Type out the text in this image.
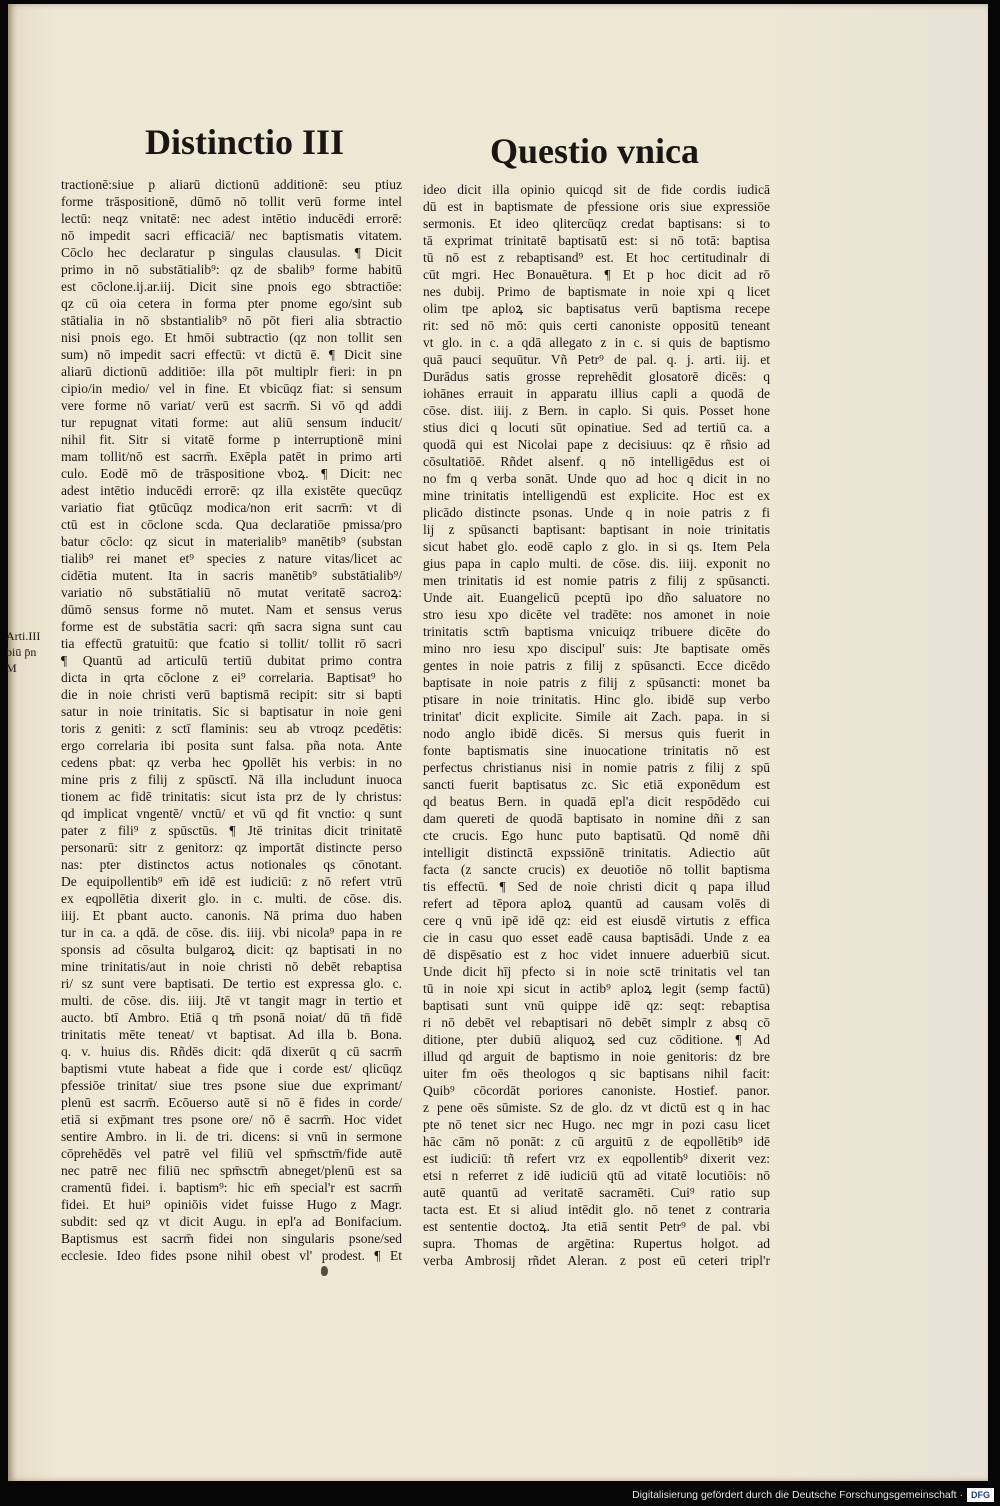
Distinctio III	Questio vnica
Arti.III
biū p̄n
M
tractionē:siue p aliarū dictionū additionē: seu ptiuz
forme trāspositionē, dūmō nō tollit verū forme intel
lectū: neqz vnitatē: nec adest intētio inducēdi errorē:
nō impedit sacri efficaciā/ nec baptismatis vitatem.
Cōclo hec declaratur p singulas clausulas. ¶ Dicit
primo in nō substātialib⁹: qz de sbalib⁹ forme habitū
est cōclone.ij.ar.iij. Dicit sine pnois ego sbtractiōe:
qz cū oia cetera in forma pter pnome ego/sint sub
stātialia in nō sbstantialib⁹ nō pōt fieri alia sbtractio
nisi pnois ego. Et hmōi subtractio (qz non tollit sen
sum) nō impedit sacri effectū: vt dictū ē. ¶ Dicit sine
aliarū dictionū additiōe: illa pōt multiplr fieri: in pn
cipio/in medio/ vel in fine. Et vbicūqz fiat: si sensum
vere forme nō variat/ verū est sacrm̄. Si vō qd addi
tur repugnat vitati forme: aut aliū sensum inducit/
nihil fit. Sitr si vitatē forme p interruptionē mini
mam tollit/nō est sacrm̄. Exēpla patēt in primo arti
culo. Eodē mō de trāspositione vboꝝ. ¶ Dicit: nec
adest intētio inducēdi errorē: qz illa existēte quecūqz
variatio fiat ꝯtūcūqz modica/non erit sacrm̄: vt di
ctū est in cōclone scda. Qua declaratiōe pmissa/pro
batur cōclo: qz sicut in materialib⁹ manētib⁹ (substan
tialib⁹ rei manet et⁹ species z nature vitas/licet ac
cidētia mutent. Ita in sacris manētib⁹ substātialib⁹/
variatio nō substātialiū nō mutat veritatē sacroꝝ:
dūmō sensus forme nō mutet. Nam et sensus verus
forme est de substātia sacri: qm̄ sacra signa sunt cau
tia effectū gratuitū: que fcatio si tollit/ tollit rō sacri
¶ Quantū ad articulū tertiū dubitat primo contra
dicta in qrta cōclone z ei⁹ correlaria. Baptisat⁹ ho
die in noie christi verū baptismā recipit: sitr si bapti
satur in noie trinitatis. Sic si baptisatur in noie geni
toris z geniti: z sctī flaminis: seu ab vtroqz pcedētis:
ergo correlaria ibi posita sunt falsa. pña nota. Ante
cedens pbat: qz verba hec ꝯpollēt his verbis: in no
mine pris z filij z spūsctī. Nā illa includunt inuoca
tionem ac fidē trinitatis: sicut ista prz de ly christus:
qd implicat vngentē/ vnctū/ et vū qd fit vnctio: q sunt
pater z fili⁹ z spūsctūs. ¶ Jtē trinitas dicit trinitatē
personarū: sitr z genitorz: qz importāt distincte perso
nas: pter distinctos actus notionales qs cōnotant.
De equipollentib⁹ em̄ idē est iudiciū: z nō refert vtrū
ex eqpollētia dixerit glo. in c. multi. de cōse. dis.
iiij. Et pbant aucto. canonis. Nā prima duo haben
tur in ca. a qdā. de cōse. dis. iiij. vbi nicola⁹ papa in re
sponsis ad cōsulta bulgaroꝝ dicit: qz baptisati in no
mine trinitatis/aut in noie christi nō debēt rebaptisa
ri/ sz sunt vere baptisati. De tertio est expressa glo. c.
multi. de cōse. dis. iiij. Jtē vt tangit magr in tertio et
aucto. btī Ambro. Etiā q tm̄ psonā noiat/ dū tn̄ fidē
trinitatis mēte teneat/ vt baptisat. Ad illa b. Bona.
q. v. huius dis. Rñdēs dicit: qdā dixerūt q cū sacrm̄
baptismi vtute habeat a fide que i corde est/ qlicūqz
pfessiōe trinitat/ siue tres psone siue due exprimant/
plenū est sacrm̄. Ecōuerso autē si nō ē fides in corde/
etiā si exp̄mant tres psone ore/ nō ē sacrm̄. Hoc videt
sentire Ambro. in li. de tri. dicens: si vnū in sermone
cōprehēdēs vel patrē vel filiū vel spm̄sctm̄/fide autē
nec patrē nec filiū nec spm̄sctm̄ abneget/plenū est sa
cramentū fidei. i. baptism⁹: hic em̄ special'r est sacrm̄
fidei. Et hui⁹ opiniōis videt fuisse Hugo z Magr.
subdit: sed qz vt dicit Augu. in epl'a ad Bonifacium.
Baptismus est sacrm̄ fidei non singularis psone/sed
ecclesie. Ideo fides psone nihil obest vl' prodest. ¶ Et
ideo dicit illa opinio quicqd sit de fide cordis iudicā
dū est in baptismate de pfessione oris siue expressiōe
sermonis. Et ideo qlitercūqz credat baptisans: si to
tā exprimat trinitatē baptisatū est: si nō totā: baptisa
tū nō est z rebaptisand⁹ est. Et hoc certitudinalr di
cūt mgri. Hec Bonauētura. ¶ Et p hoc dicit ad rō
nes dubij. Primo de baptismate in noie xpi q licet
olim tpe aploꝝ sic baptisatus verū baptisma recepe
rit: sed nō mō: quis certi canoniste oppositū teneant
vt glo. in c. a qdā allegato z in c. si quis de baptismo
quā pauci sequūtur. Vñ Petr⁹ de pal. q. j. arti. iij. et
Durādus satis grosse reprehēdit glosatorē dicēs: q
iohānes errauit in apparatu illius capli a quodā de
cōse. dist. iiij. z Bern. in caplo. Si quis. Posset hone
stius dici q locuti sūt opinatiue. Sed ad tertiū ca. a
quodā qui est Nicolai pape z decisiuus: qz ē rñsio ad
cōsultatiōē. Rñdet alsenf. q nō intelligēdus est oi
no fm q verba sonāt. Unde quo ad hoc q dicit in no
mine trinitatis intelligendū est explicite. Hoc est ex
plicādo distincte psonas. Unde q in noie patris z fi
lij z spūsancti baptisant: baptisant in noie trinitatis
sicut habet glo. eodē caplo z glo. in si qs. Item Pela
gius papa in caplo multi. de cōse. dis. iiij. exponit no
men trinitatis id est nomie patris z filij z spūsancti.
Unde ait. Euangelicū pceptū ipo dño saluatore no
stro iesu xpo dicēte vel tradēte: nos amonet in noie
trinitatis sctm̄ baptisma vnicuiqz tribuere dicēte do
mino nro iesu xpo discipul' suis: Jte baptisate omēs
gentes in noie patris z filij z spūsancti. Ecce dicēdo
baptisate in noie patris z filij z spūsancti: monet ba
ptisare in noie trinitatis. Hinc glo. ibidē sup verbo
trinitat' dicit explicite. Simile ait Zach. papa. in si
nodo anglo ibidē dicēs. Si mersus quis fuerit in
fonte baptismatis sine inuocatione trinitatis nō est
perfectus christianus nisi in nomie patris z filij z spū
sancti fuerit baptisatus zc. Sic etiā exponēdum est
qd beatus Bern. in quadā epl'a dicit respōdēdo cui
dam quereti de quodā baptisato in nomine dñi z san
cte crucis. Ego hunc puto baptisatū. Qd nomē dñi
intelligit distinctā expssiōnē trinitatis. Adiectio aūt
facta (z sancte crucis) ex deuotiōe nō tollit baptisma
tis effectū. ¶ Sed de noie christi dicit q papa illud
refert ad tēpora aploꝝ quantū ad causam volēs di
cere q vnū ipē idē qz: eid est eiusdē virtutis z effica
cie in casu quo esset eadē causa baptisādi. Unde z ea
dē dispēsatio est z hoc videt innuere aduerbiū sicut.
Unde dicit hīj pfecto si in noie sctē trinitatis vel tan
tū in noie xpi sicut in actib⁹ aploꝝ legit (semp factū)
baptisati sunt vnū quippe idē qz: seqt: rebaptisa
ri nō debēt vel rebaptisari nō debēt simplr z absq cō
ditione, pter dubiū aliquoꝝ sed cuz cōditione. ¶ Ad
illud qd arguit de baptismo in noie genitoris: dz bre
uiter fm oēs theologos q sic baptisans nihil facit:
Quib⁹ cōcordāt poriores canoniste. Hostief. panor.
z pene oēs sūmiste. Sz de glo. dz vt dictū est q in hac
pte nō tenet sicr nec Hugo. nec mgr in pozi casu licet
hāc cām nō ponāt: z cū arguitū z de eqpollētib⁹ idē
est iudiciū: tñ refert vrz ex eqpollentib⁹ dixerit vez:
etsi n referret z idē iudiciū qtū ad vitatē locutiōis: nō
autē quantū ad veritatē sacramēti. Cui⁹ ratio sup
tacta est. Et si aliud intēdit glo. nō tenet z contraria
est sententie doctoꝝ. Jta etiā sentit Petr⁹ de pal. vbi
supra. Thomas de argētina: Rupertus holgot. ad
verba Ambrosij rñdet Aleran. z post eū ceteri tripl'r
Digitalisierung gefördert durch die Deutsche Forschungsgemeinschaft · DFG
